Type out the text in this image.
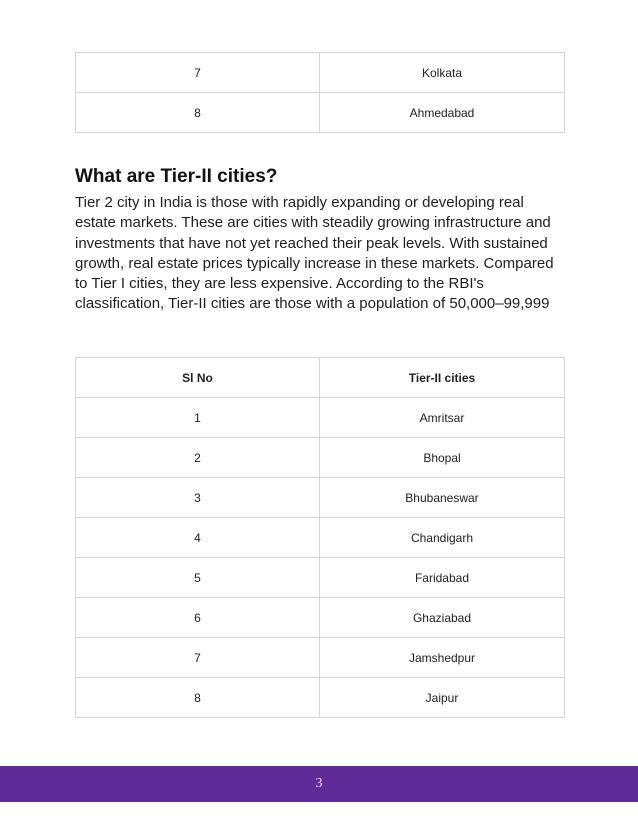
7	Kolkata
8	Ahmedabad
What are Tier-II cities?

Tier 2 city in India is those with rapidly expanding or developing real estate markets. These are cities with steadily growing infrastructure and investments that have not yet reached their peak levels. With sustained growth, real estate prices typically increase in these markets. Compared to Tier I cities, they are less expensive. According to the RBI's classification, Tier-II cities are those with a population of 50,000–99,999

Sl No	Tier-II cities
1	Amritsar
2	Bhopal
3	Bhubaneswar
4	Chandigarh
5	Faridabad
6	Ghaziabad
7	Jamshedpur
8	Jaipur
3
